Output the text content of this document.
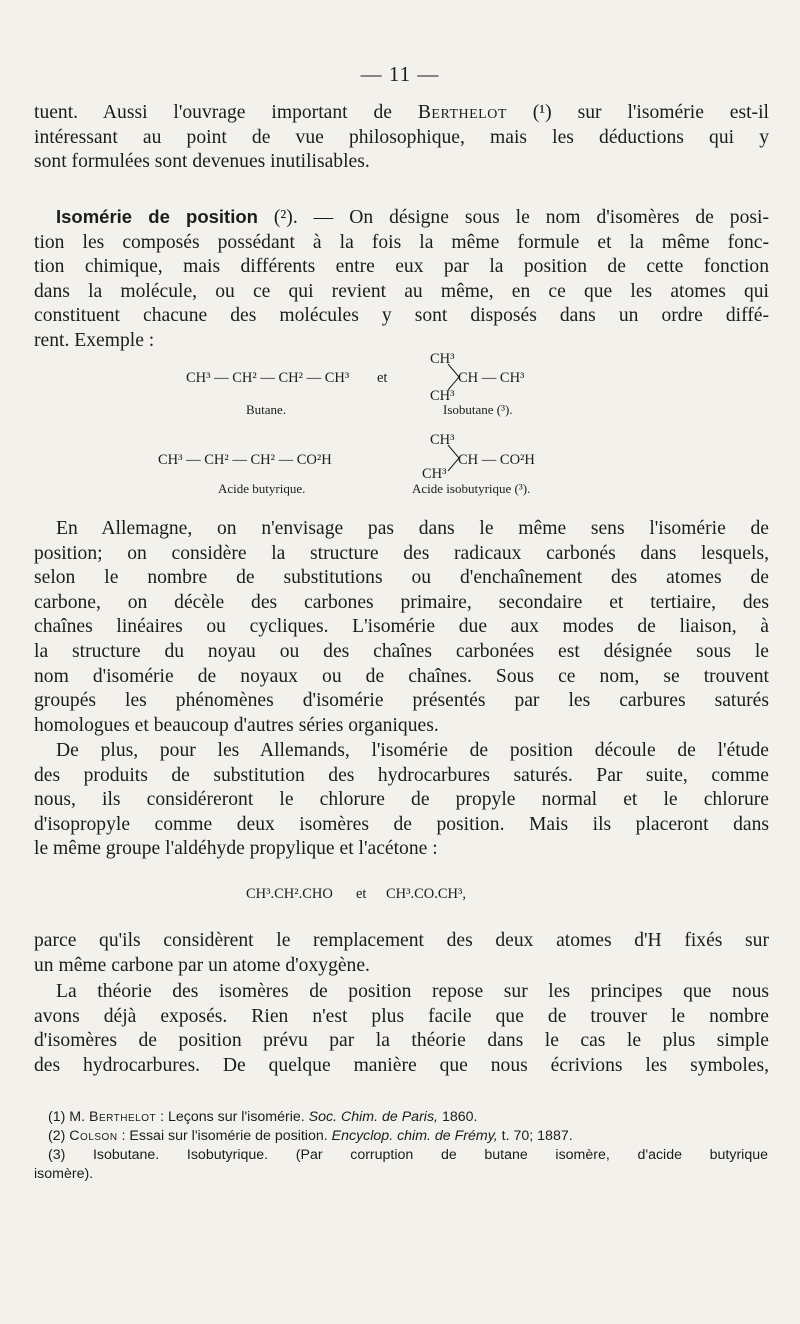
— 11 —

tuent. Aussi l'ouvrage important de Berthelot (¹) sur l'isomérie est-il

intéressant au point de vue philosophique, mais les déductions qui y

sont formulées sont devenues inutilisables.

Isomérie de position (²). — On désigne sous le nom d'isomères de posi-

tion les composés possédant à la fois la même formule et la même fonc-

tion chimique, mais différents entre eux par la position de cette fonction

dans la molécule, ou ce qui revient au même, en ce que les atomes qui

constituent chacune des molécules y sont disposés dans un ordre diffé-

rent. Exemple :

CH³ — CH² — CH² — CH³ et
CH³
CH — CH³
CH³
Butane.	Isobutane (³).
CH³ — CH² — CH² — CO²H
CH³
CH — CO²H
CH³
Acide butyrique.	Acide isobutyrique (³).

En Allemagne, on n'envisage pas dans le même sens l'isomérie de

position; on considère la structure des radicaux carbonés dans lesquels,

selon le nombre de substitutions ou d'enchaînement des atomes de

carbone, on décèle des carbones primaire, secondaire et tertiaire, des

chaînes linéaires ou cycliques. L'isomérie due aux modes de liaison, à

la structure du noyau ou des chaînes carbonées est désignée sous le

nom d'isomérie de noyaux ou de chaînes. Sous ce nom, se trouvent

groupés les phénomènes d'isomérie présentés par les carbures saturés

homologues et beaucoup d'autres séries organiques.

De plus, pour les Allemands, l'isomérie de position découle de l'étude

des produits de substitution des hydrocarbures saturés. Par suite, comme

nous, ils considéreront le chlorure de propyle normal et le chlorure

d'isopropyle comme deux isomères de position. Mais ils placeront dans

le même groupe l'aldéhyde propylique et l'acétone :

CH³.CH².CHO et CH³.CO.CH³,

parce qu'ils considèrent le remplacement des deux atomes d'H fixés sur

un même carbone par un atome d'oxygène.

La théorie des isomères de position repose sur les principes que nous

avons déjà exposés. Rien n'est plus facile que de trouver le nombre

d'isomères de position prévu par la théorie dans le cas le plus simple

des hydrocarbures. De quelque manière que nous écrivions les symboles,

(1) M. Berthelot : Leçons sur l'isomérie. Soc. Chim. de Paris, 1860.

(2) Colson : Essai sur l'isomérie de position. Encyclop. chim. de Frémy, t. 70; 1887.

(3) Isobutane. Isobutyrique. (Par corruption de butane isomère, d'acide butyrique

isomère).
